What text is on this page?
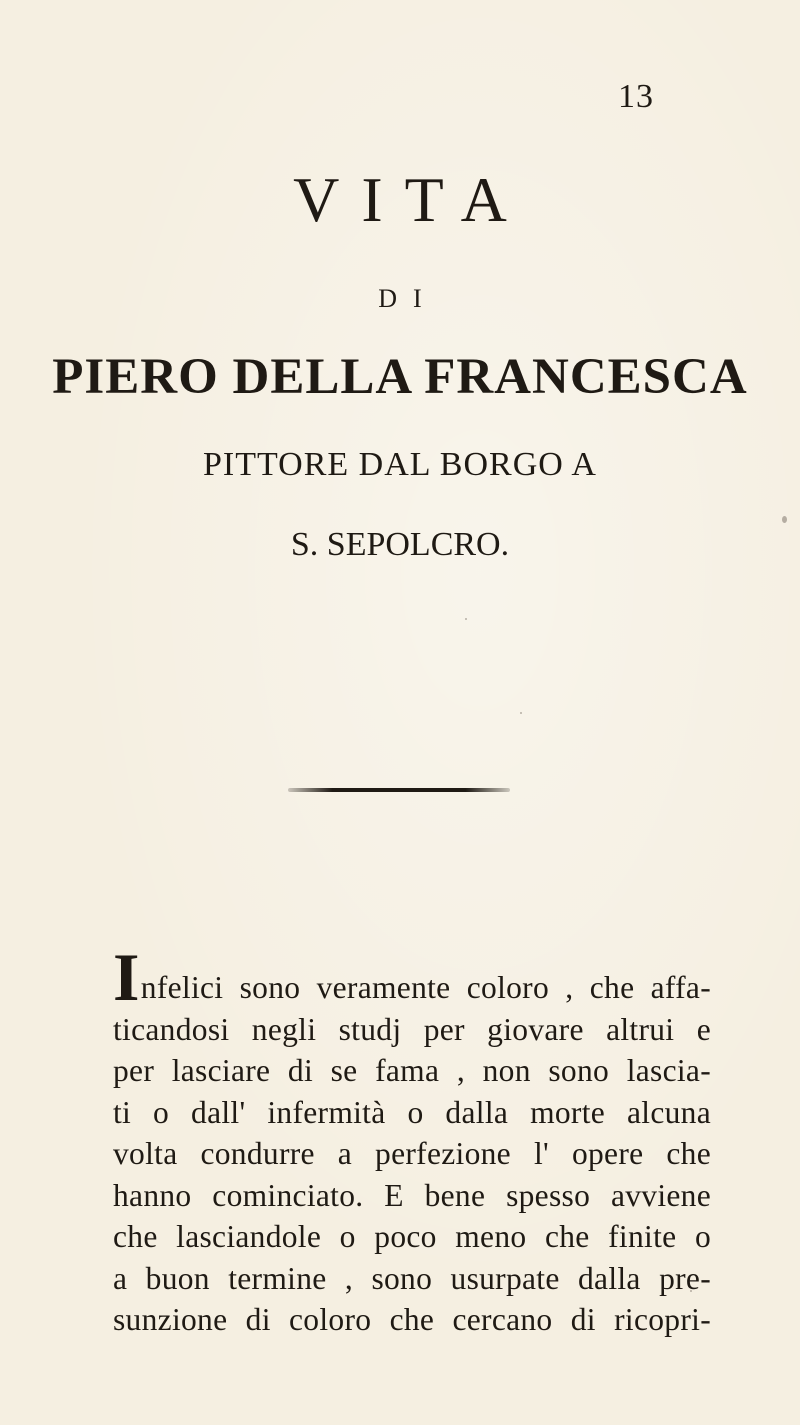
13
VITA
DI
PIERO DELLA FRANCESCA
PITTORE DAL BORGO A
S. SEPOLCRO.
Infelici sono veramente coloro , che affa-
ticandosi negli studj per giovare altrui e
per lasciare di se fama , non sono lascia-
ti o dall' infermità o dalla morte alcuna
volta condurre a perfezione l' opere che
hanno cominciato. E bene spesso avviene
che lasciandole o poco meno che finite o
a buon termine , sono usurpate dalla pre-
sunzione di coloro che cercano di ricopri-
